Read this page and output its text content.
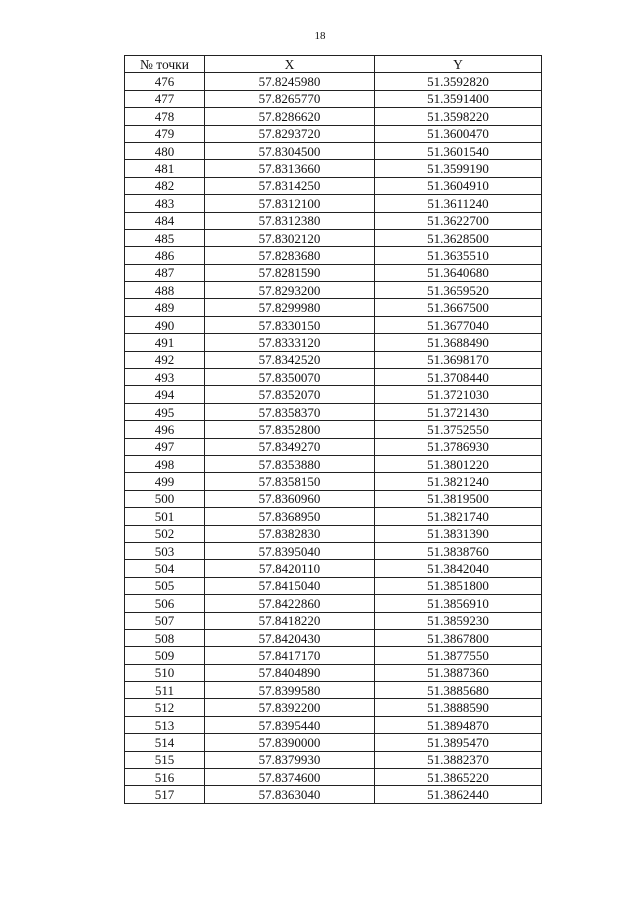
18
№ точки	X	Y
476	57.8245980	51.3592820
477	57.8265770	51.3591400
478	57.8286620	51.3598220
479	57.8293720	51.3600470
480	57.8304500	51.3601540
481	57.8313660	51.3599190
482	57.8314250	51.3604910
483	57.8312100	51.3611240
484	57.8312380	51.3622700
485	57.8302120	51.3628500
486	57.8283680	51.3635510
487	57.8281590	51.3640680
488	57.8293200	51.3659520
489	57.8299980	51.3667500
490	57.8330150	51.3677040
491	57.8333120	51.3688490
492	57.8342520	51.3698170
493	57.8350070	51.3708440
494	57.8352070	51.3721030
495	57.8358370	51.3721430
496	57.8352800	51.3752550
497	57.8349270	51.3786930
498	57.8353880	51.3801220
499	57.8358150	51.3821240
500	57.8360960	51.3819500
501	57.8368950	51.3821740
502	57.8382830	51.3831390
503	57.8395040	51.3838760
504	57.8420110	51.3842040
505	57.8415040	51.3851800
506	57.8422860	51.3856910
507	57.8418220	51.3859230
508	57.8420430	51.3867800
509	57.8417170	51.3877550
510	57.8404890	51.3887360
511	57.8399580	51.3885680
512	57.8392200	51.3888590
513	57.8395440	51.3894870
514	57.8390000	51.3895470
515	57.8379930	51.3882370
516	57.8374600	51.3865220
517	57.8363040	51.3862440
